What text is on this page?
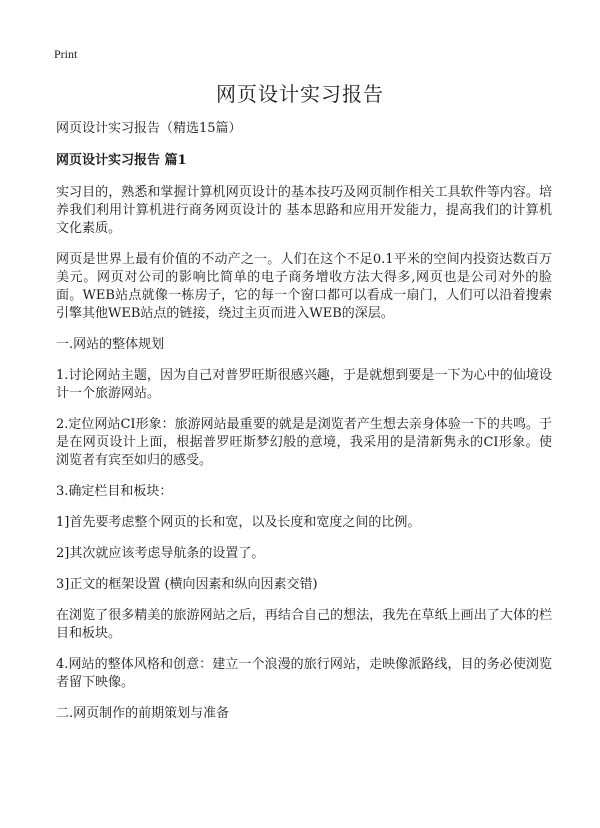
Print
网页设计实习报告

网页设计实习报告（精选15篇）

网页设计实习报告 篇1

实习目的，熟悉和掌握计算机网页设计的基本技巧及网页制作相关工具软件等内容。培养我们利用计算机进行商务网页设计的 基本思路和应用开发能力，提高我们的计算机文化素质。

网页是世界上最有价值的不动产之一。人们在这个不足0.1平米的空间内投资达数百万美元。网页对公司的影响比简单的电子商务增收方法大得多,网页也是公司对外的脸面。WEB站点就像一栋房子，它的每一个窗口都可以看成一扇门，人们可以沿着搜索引擎其他WEB站点的链接，绕过主页而进入WEB的深层。

一.网站的整体规划

1.讨论网站主题，因为自己对普罗旺斯很感兴趣，于是就想到要是一下为心中的仙境设计一个旅游网站。

2.定位网站CI形象：旅游网站最重要的就是是浏览者产生想去亲身体验一下的共鸣。于是在网页设计上面，根据普罗旺斯梦幻般的意境，我采用的是清新隽永的CI形象。使浏览者有宾至如归的感受。

3.确定栏目和板块：

1]首先要考虑整个网页的长和宽，以及长度和宽度之间的比例。

2]其次就应该考虑导航条的设置了。

3]正文的框架设置 (横向因素和纵向因素交错)

在浏览了很多精美的旅游网站之后，再结合自己的想法，我先在草纸上画出了大体的栏目和板块。

4.网站的整体风格和创意：建立一个浪漫的旅行网站，走映像派路线，目的务必使浏览者留下映像。

二.网页制作的前期策划与准备
